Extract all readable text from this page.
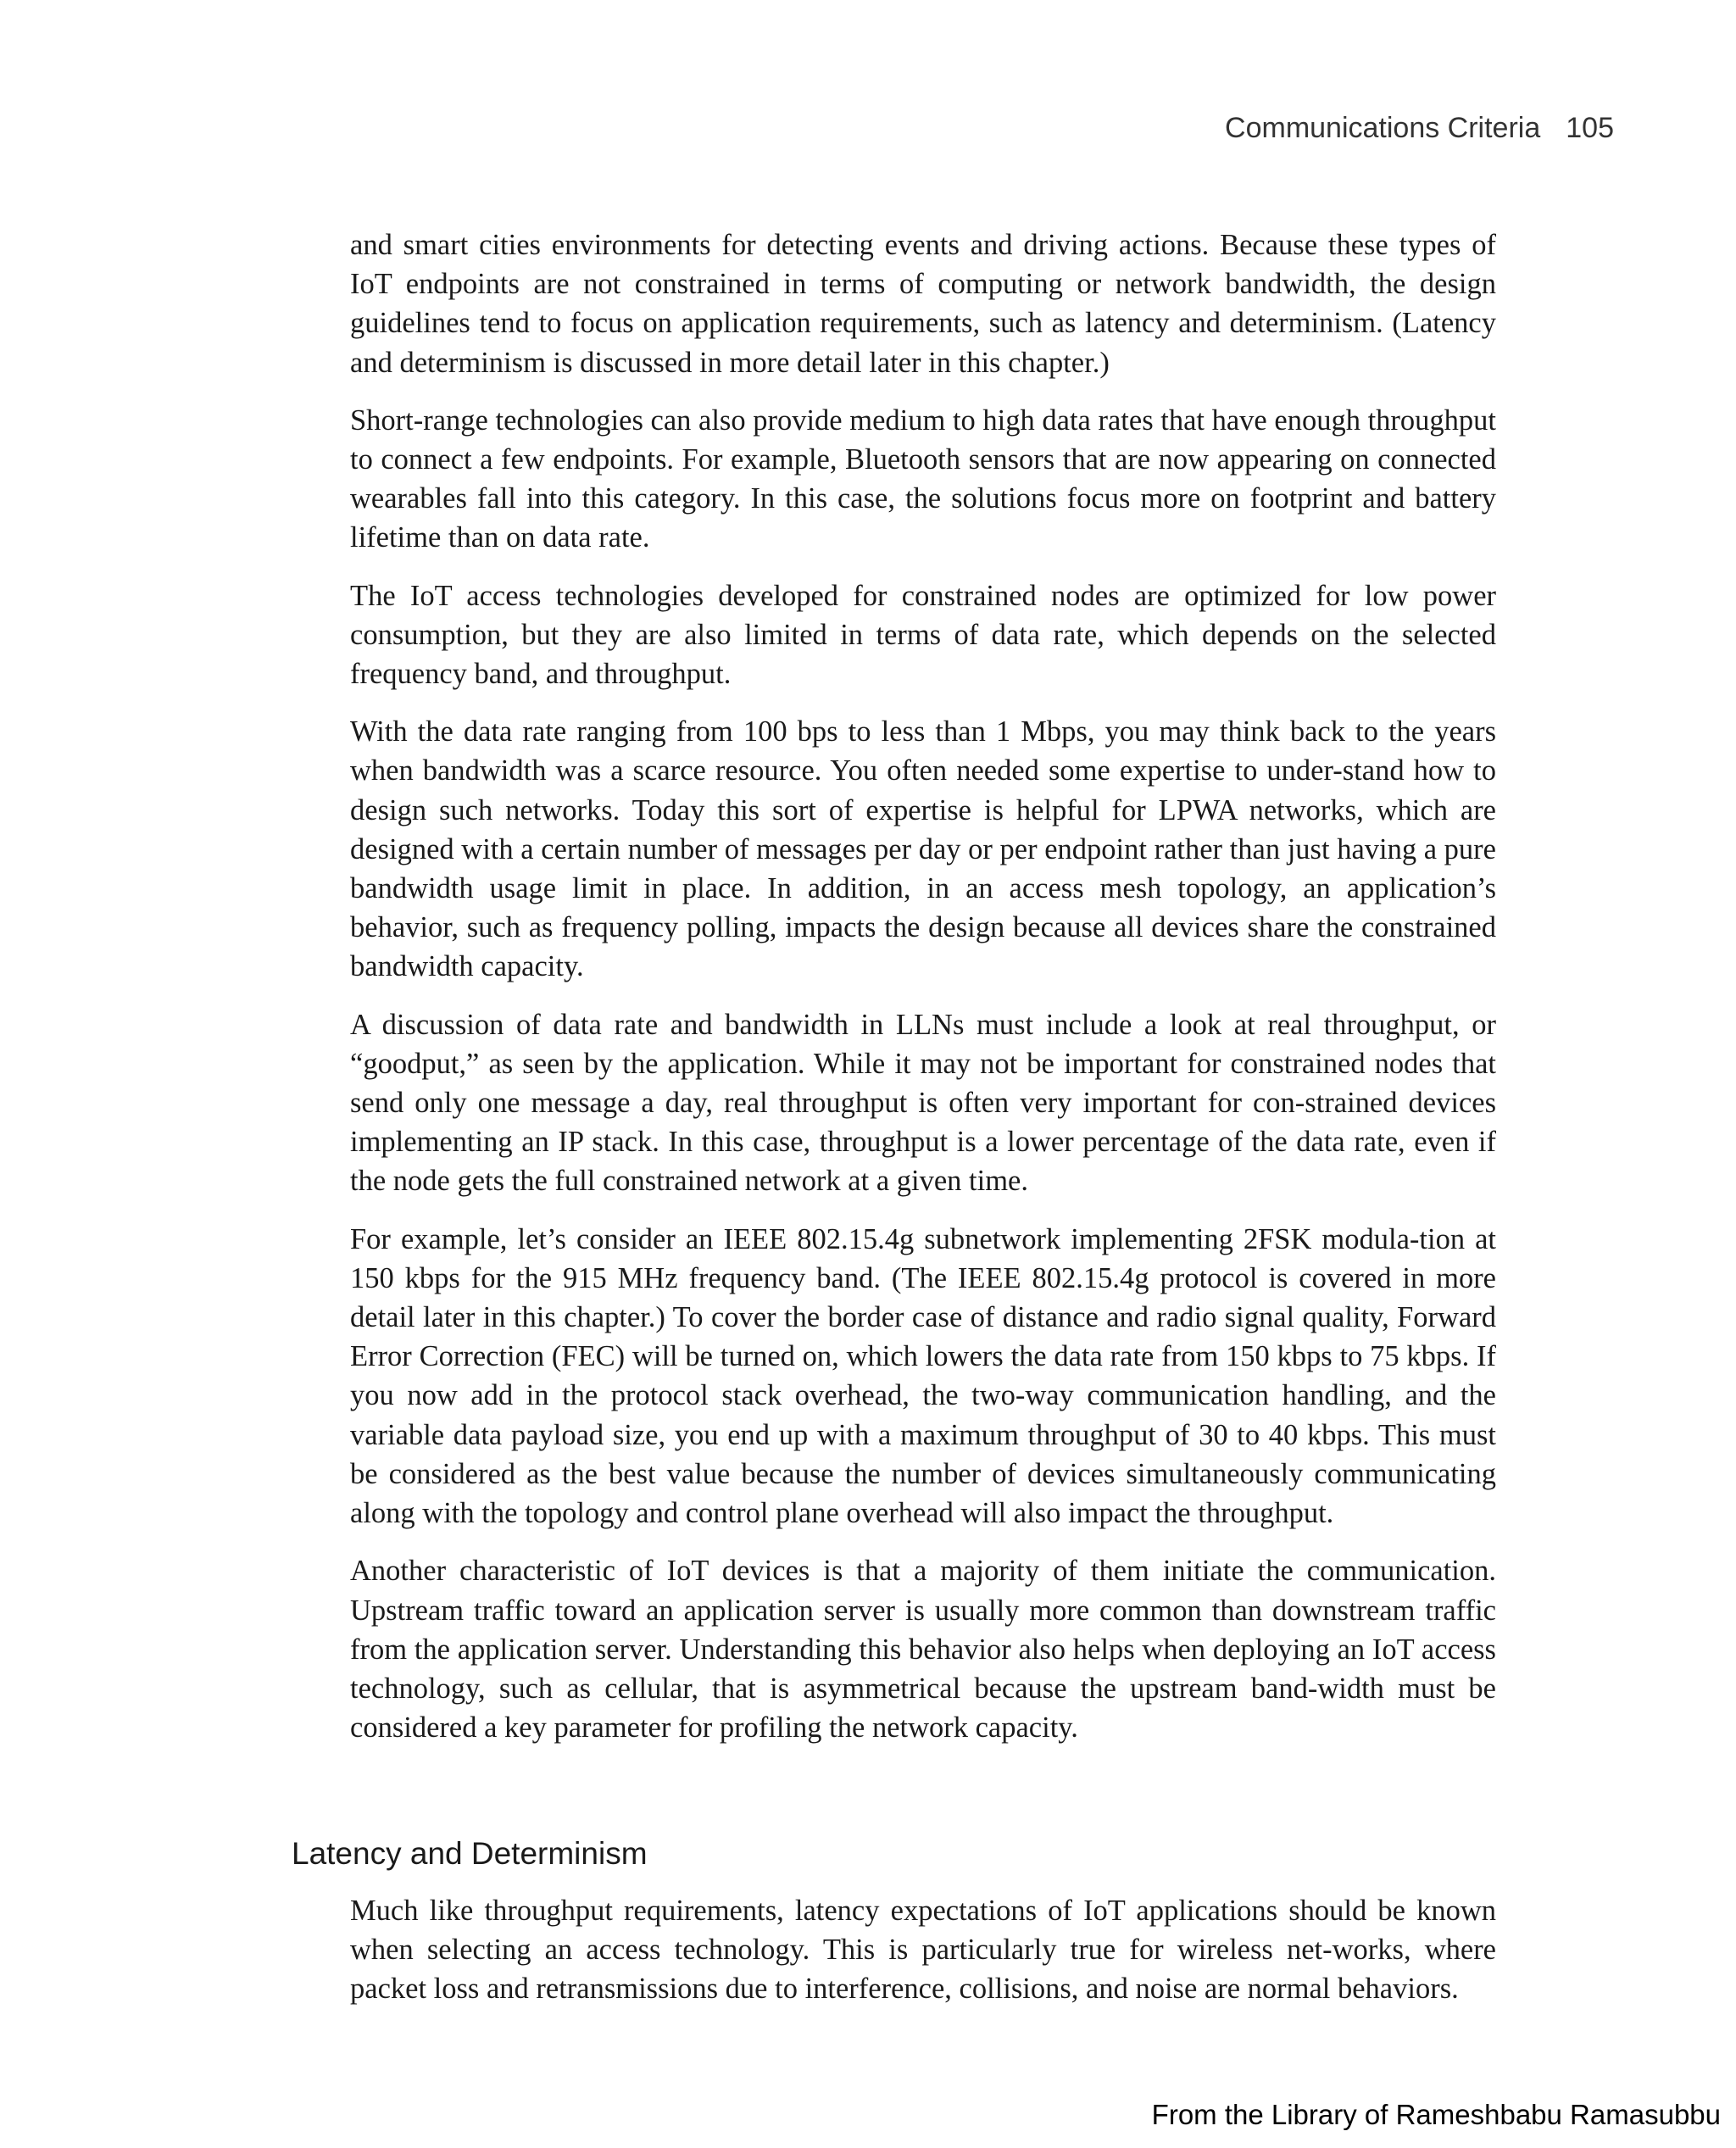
Communications Criteria 105

and smart cities environments for detecting events and driving actions. Because these types of IoT endpoints are not constrained in terms of computing or network bandwidth, the design guidelines tend to focus on application requirements, such as latency and determinism. (Latency and determinism is discussed in more detail later in this chapter.)

Short-range technologies can also provide medium to high data rates that have enough throughput to connect a few endpoints. For example, Bluetooth sensors that are now appearing on connected wearables fall into this category. In this case, the solutions focus more on footprint and battery lifetime than on data rate.

The IoT access technologies developed for constrained nodes are optimized for low power consumption, but they are also limited in terms of data rate, which depends on the selected frequency band, and throughput.

With the data rate ranging from 100 bps to less than 1 Mbps, you may think back to the years when bandwidth was a scarce resource. You often needed some expertise to under-stand how to design such networks. Today this sort of expertise is helpful for LPWA networks, which are designed with a certain number of messages per day or per endpoint rather than just having a pure bandwidth usage limit in place. In addition, in an access mesh topology, an application’s behavior, such as frequency polling, impacts the design because all devices share the constrained bandwidth capacity.

A discussion of data rate and bandwidth in LLNs must include a look at real throughput, or “goodput,” as seen by the application. While it may not be important for constrained nodes that send only one message a day, real throughput is often very important for con-strained devices implementing an IP stack. In this case, throughput is a lower percentage of the data rate, even if the node gets the full constrained network at a given time.

For example, let’s consider an IEEE 802.15.4g subnetwork implementing 2FSK modula-tion at 150 kbps for the 915 MHz frequency band. (The IEEE 802.15.4g protocol is covered in more detail later in this chapter.) To cover the border case of distance and radio signal quality, Forward Error Correction (FEC) will be turned on, which lowers the data rate from 150 kbps to 75 kbps. If you now add in the protocol stack overhead, the two-way communication handling, and the variable data payload size, you end up with a maximum throughput of 30 to 40 kbps. This must be considered as the best value because the number of devices simultaneously communicating along with the topology and control plane overhead will also impact the throughput.

Another characteristic of IoT devices is that a majority of them initiate the communication. Upstream traffic toward an application server is usually more common than downstream traffic from the application server. Understanding this behavior also helps when deploying an IoT access technology, such as cellular, that is asymmetrical because the upstream band-width must be considered a key parameter for profiling the network capacity.

Latency and Determinism

Much like throughput requirements, latency expectations of IoT applications should be known when selecting an access technology. This is particularly true for wireless net-works, where packet loss and retransmissions due to interference, collisions, and noise are normal behaviors.

From the Library of Rameshbabu Ramasubbu
